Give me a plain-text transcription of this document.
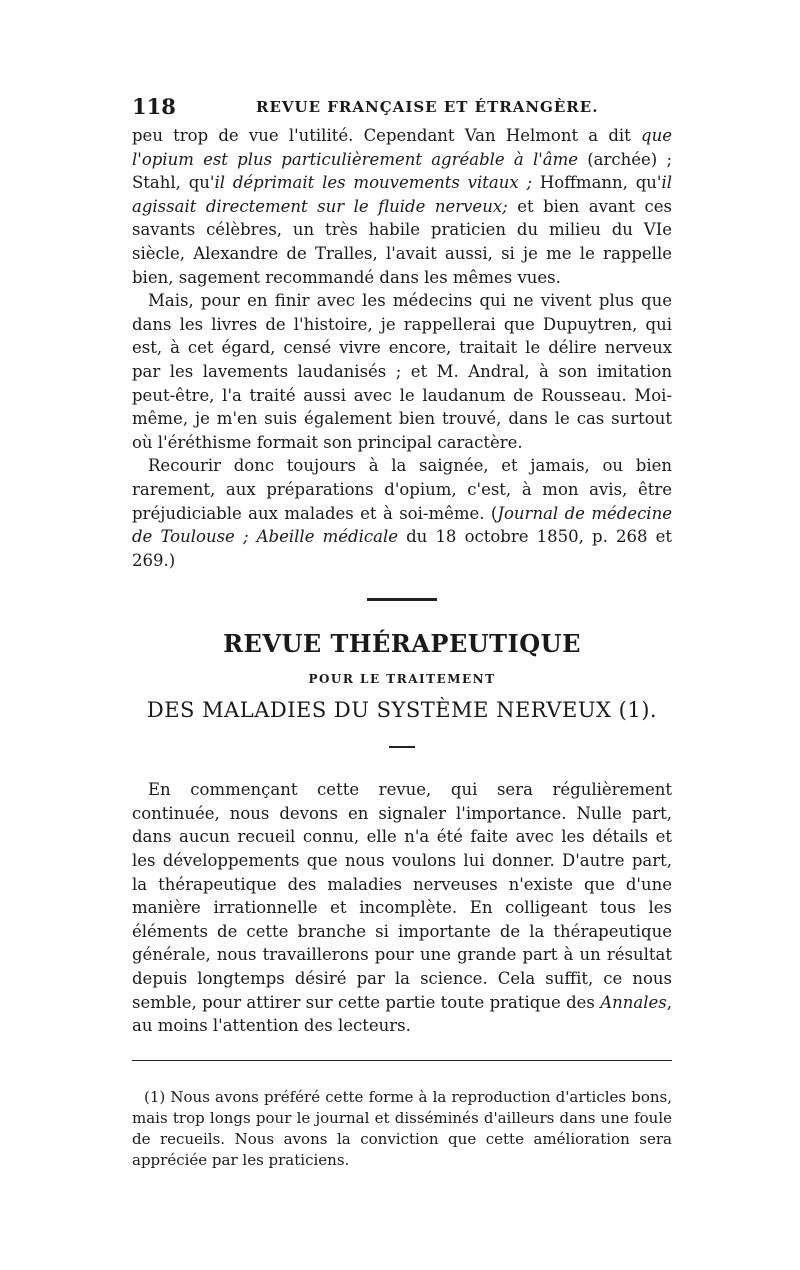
118	REVUE FRANÇAISE ET ÉTRANGÈRE.

peu trop de vue l'utilité. Cependant Van Helmont a dit que l'opium est plus particulièrement agréable à l'âme (archée) ; Stahl, qu'il déprimait les mouvements vitaux ; Hoffmann, qu'il agissait directement sur le fluide nerveux; et bien avant ces savants célèbres, un très habile praticien du milieu du VIe siècle, Alexandre de Tralles, l'avait aussi, si je me le rappelle bien, sagement recommandé dans les mêmes vues.

Mais, pour en finir avec les médecins qui ne vivent plus que dans les livres de l'histoire, je rappellerai que Dupuytren, qui est, à cet égard, censé vivre encore, traitait le délire nerveux par les lavements laudanisés ; et M. Andral, à son imitation peut-être, l'a traité aussi avec le laudanum de Rousseau. Moi-même, je m'en suis également bien trouvé, dans le cas surtout où l'éréthisme formait son principal caractère.

Recourir donc toujours à la saignée, et jamais, ou bien rarement, aux préparations d'opium, c'est, à mon avis, être préjudiciable aux malades et à soi-même. (Journal de médecine de Toulouse ; Abeille médicale du 18 octobre 1850, p. 268 et 269.)

REVUE THÉRAPEUTIQUE
POUR LE TRAITEMENT
DES MALADIES DU SYSTÈME NERVEUX (1).

En commençant cette revue, qui sera régulièrement continuée, nous devons en signaler l'importance. Nulle part, dans aucun recueil connu, elle n'a été faite avec les détails et les développements que nous voulons lui donner. D'autre part, la thérapeutique des maladies nerveuses n'existe que d'une manière irrationnelle et incomplète. En colligeant tous les éléments de cette branche si importante de la thérapeutique générale, nous travaillerons pour une grande part à un résultat depuis longtemps désiré par la science. Cela suffit, ce nous semble, pour attirer sur cette partie toute pratique des Annales, au moins l'attention des lecteurs.

(1) Nous avons préféré cette forme à la reproduction d'articles bons, mais trop longs pour le journal et disséminés d'ailleurs dans une foule de recueils. Nous avons la conviction que cette amélioration sera appréciée par les praticiens.
